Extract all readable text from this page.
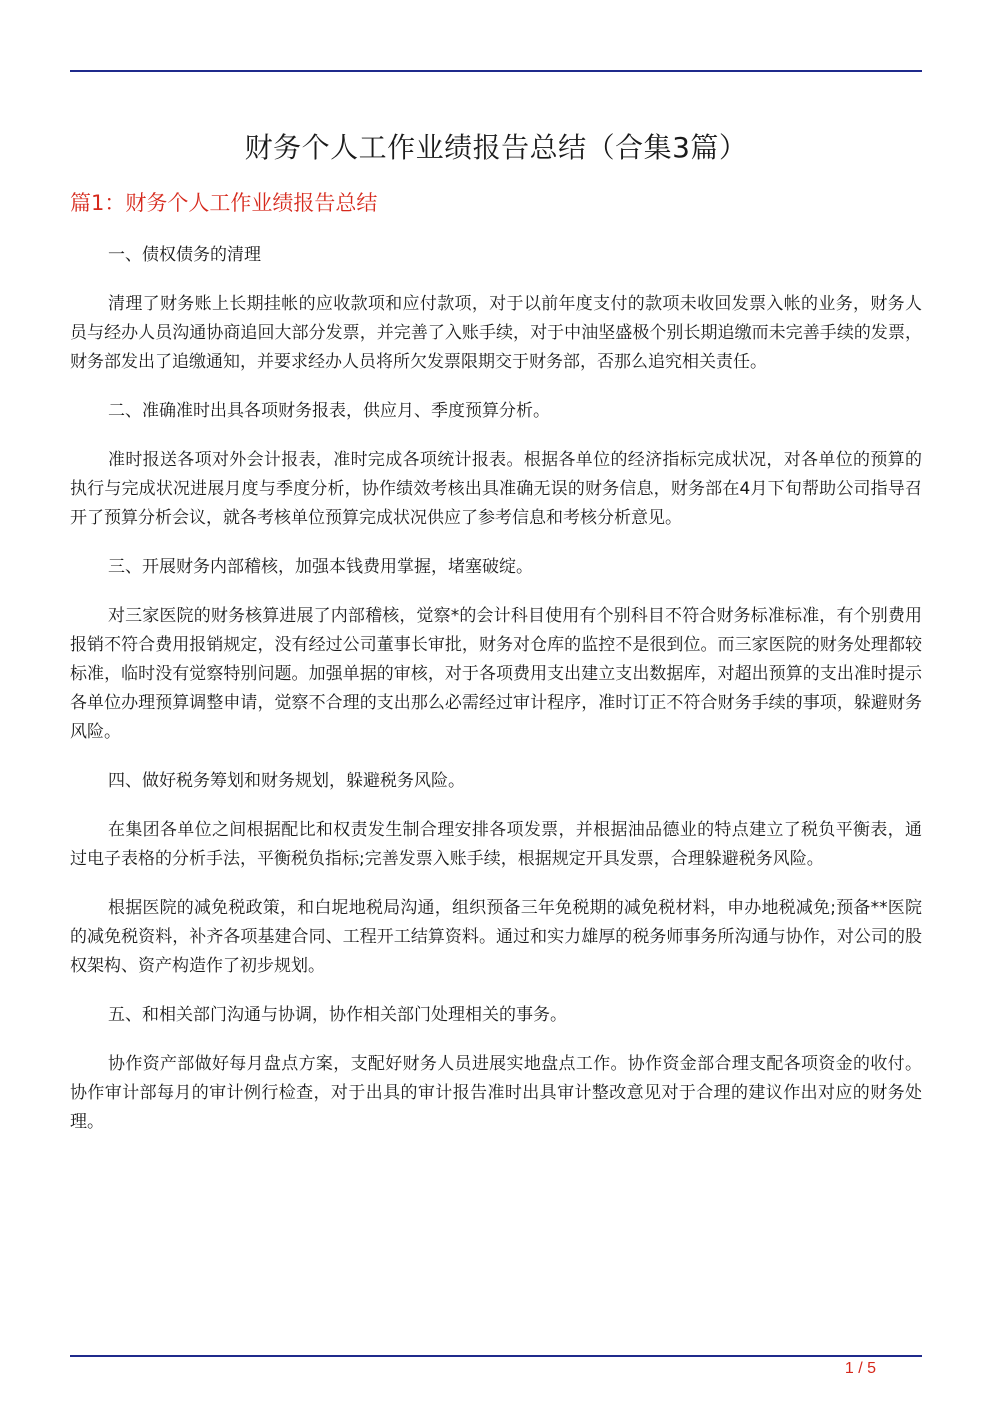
财务个人工作业绩报告总结（合集3篇）
篇1：财务个人工作业绩报告总结

一、债权债务的清理

清理了财务账上长期挂帐的应收款项和应付款项，对于以前年度支付的款项未收回发票入帐的业务，财务人员与经办人员沟通协商追回大部分发票，并完善了入账手续，对于中油坚盛极个别长期追缴而未完善手续的发票，财务部发出了追缴通知，并要求经办人员将所欠发票限期交于财务部，否那么追究相关责任。

二、准确准时出具各项财务报表，供应月、季度预算分析。

准时报送各项对外会计报表，准时完成各项统计报表。根据各单位的经济指标完成状况，对各单位的预算的执行与完成状况进展月度与季度分析，协作绩效考核出具准确无误的财务信息，财务部在4月下旬帮助公司指导召开了预算分析会议，就各考核单位预算完成状况供应了参考信息和考核分析意见。

三、开展财务内部稽核，加强本钱费用掌握，堵塞破绽。

对三家医院的财务核算进展了内部稽核，觉察*的会计科目使用有个别科目不符合财务标准标准，有个别费用报销不符合费用报销规定，没有经过公司董事长审批，财务对仓库的监控不是很到位。而三家医院的财务处理都较标准，临时没有觉察特别问题。加强单据的审核，对于各项费用支出建立支出数据库，对超出预算的支出准时提示各单位办理预算调整申请，觉察不合理的支出那么必需经过审计程序，准时订正不符合财务手续的事项，躲避财务风险。

四、做好税务筹划和财务规划，躲避税务风险。

在集团各单位之间根据配比和权责发生制合理安排各项发票，并根据油品德业的特点建立了税负平衡表，通过电子表格的分析手法，平衡税负指标;完善发票入账手续，根据规定开具发票，合理躲避税务风险。

根据医院的减免税政策，和白坭地税局沟通，组织预备三年免税期的减免税材料，申办地税减免;预备**医院的减免税资料，补齐各项基建合同、工程开工结算资料。通过和实力雄厚的税务师事务所沟通与协作，对公司的股权架构、资产构造作了初步规划。

五、和相关部门沟通与协调，协作相关部门处理相关的事务。

协作资产部做好每月盘点方案，支配好财务人员进展实地盘点工作。协作资金部合理支配各项资金的收付。协作审计部每月的审计例行检查，对于出具的审计报告准时出具审计整改意见对于合理的建议作出对应的财务处理。

1 / 5
